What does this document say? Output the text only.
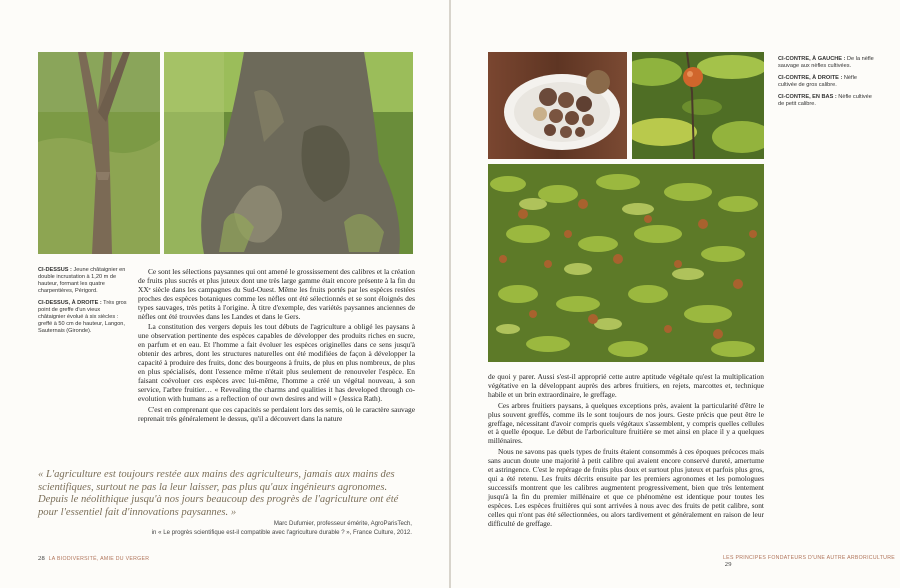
CI-DESSUS : Jeune châtaignier en double incrustation à 1,20 m de hauteur, formant les quatre charpentières, Périgord.
CI-DESSUS, À DROITE : Très gros point de greffe d'un vieux châtaignier évolué à six siècles : greffé à 50 cm de hauteur, Langon, Sauternais (Gironde).

Ce sont les sélections paysannes qui ont amené le grossissement des calibres et la création de fruits plus sucrés et plus juteux dont une très large gamme était encore présente à la fin du XXᵉ siècle dans les campagnes du Sud-Ouest. Même les fruits portés par les espèces restées proches des espèces botaniques comme les nèfles ont été sélectionnés et se sont éloignés des types sauvages, très petits à l'origine. À titre d'exemple, des variétés paysannes anciennes de nèfles ont été trouvées dans les Landes et dans le Gers.

La constitution des vergers depuis les tout débuts de l'agriculture a obligé les paysans à une observation pertinente des espèces capables de développer des produits riches en sucre, en parfum et en eau. Et l'homme a fait évoluer les espèces originelles dans ce sens jusqu'à obtenir des arbres, dont les structures naturelles ont été modifiées de façon à développer la capacité à produire des fruits, donc des bourgeons à fruits, de plus en plus nombreux, de plus en plus spécialisés, dont l'essence même n'était plus seulement de renouveler l'espèce. En faisant coévoluer ces espèces avec lui-même, l'homme a créé un végétal nouveau, à son service, l'arbre fruitier… « Revealing the charms and qualities it has developed through co-evolution with humans as a reflection of our own desires and will » (Jessica Rath).

C'est en comprenant que ces capacités se perdaient lors des semis, où le caractère sauvage reprenait très généralement le dessus, qu'il a découvert dans la nature

« L'agriculture est toujours restée aux mains des agriculteurs, jamais aux mains des scientifiques, surtout ne pas la leur laisser, pas plus qu'aux ingénieurs agronomes. Depuis le néolithique jusqu'à nos jours beaucoup des progrès de l'agriculture ont été pour l'essentiel fait d'innovations paysannes. »
Marc Dufumier, professeur émérite, AgroParisTech,
in « Le progrès scientifique est-il compatible avec l'agriculture durable ? », France Culture, 2012.
28 LA BIODIVERSITÉ, AMIE DU VERGER
CI-CONTRE, À GAUCHE : De la nèfle sauvage aux nèfles cultivées.
CI-CONTRE, À DROITE : Nèfle cultivée de gros calibre.
CI-CONTRE, EN BAS : Nèfle cultivée de petit calibre.

de quoi y parer. Aussi s'est-il approprié cette autre aptitude végétale qu'est la multiplication végétative en la développant auprès des arbres fruitiers, en rejets, marcottes et, technique habile et un brin extraordinaire, le greffage.

Ces arbres fruitiers paysans, à quelques exceptions près, avaient la particularité d'être le plus souvent greffés, comme ils le sont toujours de nos jours. Geste précis que peut être le greffage, nécessitant d'avoir compris quels végétaux s'assemblent, y compris quelles cellules et à quelle époque. Le début de l'arboriculture fruitière se met ainsi en place il y a quelques millénaires.

Nous ne savons pas quels types de fruits étaient consommés à ces époques précoces mais sans aucun doute une majorité à petit calibre qui avaient encore conservé dureté, amertume et astringence. C'est le repérage de fruits plus doux et surtout plus juteux et parfois plus gros, qui a été retenu. Les fruits décrits ensuite par les premiers agronomes et les pomologues successifs montrent que les calibres augmentent progressivement, bien que très lentement jusqu'à la fin du premier millénaire et que ce phénomène est identique pour toutes les espèces. Les espèces fruitières qui sont arrivées à nous avec des fruits de petit calibre, sont celles qui n'ont pas été sélectionnées, ou alors tardivement et généralement en raison de leur difficulté de greffage.

LES PRINCIPES FONDATEURS D'UNE AUTRE ARBORICULTURE  29
